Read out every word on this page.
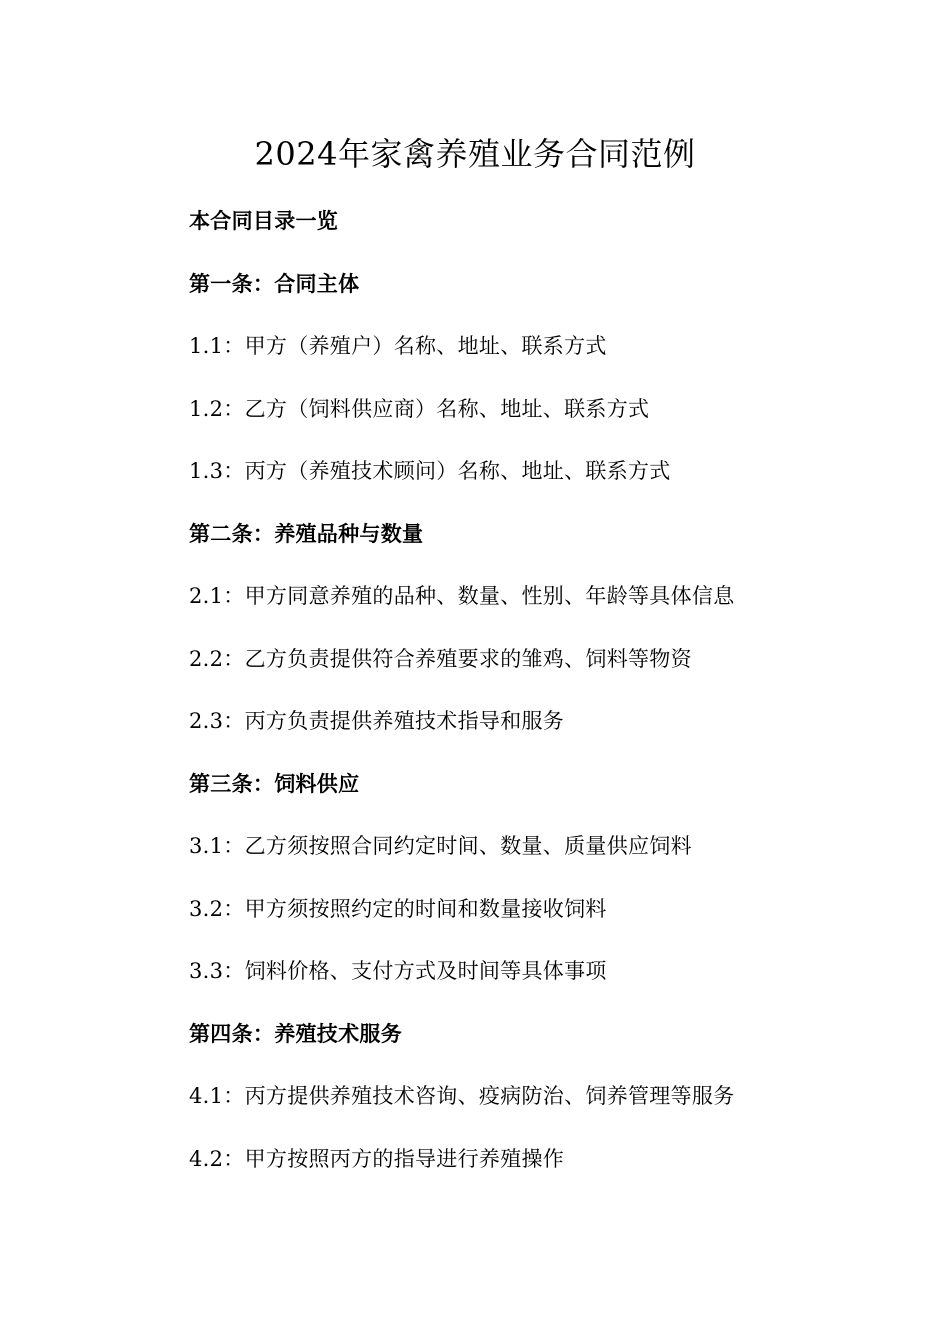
2024年家禽养殖业务合同范例
本合同目录一览
第一条：合同主体
1.1：甲方（养殖户）名称、地址、联系方式
1.2：乙方（饲料供应商）名称、地址、联系方式
1.3：丙方（养殖技术顾问）名称、地址、联系方式
第二条：养殖品种与数量
2.1：甲方同意养殖的品种、数量、性别、年龄等具体信息
2.2：乙方负责提供符合养殖要求的雏鸡、饲料等物资
2.3：丙方负责提供养殖技术指导和服务
第三条：饲料供应
3.1：乙方须按照合同约定时间、数量、质量供应饲料
3.2：甲方须按照约定的时间和数量接收饲料
3.3：饲料价格、支付方式及时间等具体事项
第四条：养殖技术服务
4.1：丙方提供养殖技术咨询、疫病防治、饲养管理等服务
4.2：甲方按照丙方的指导进行养殖操作
